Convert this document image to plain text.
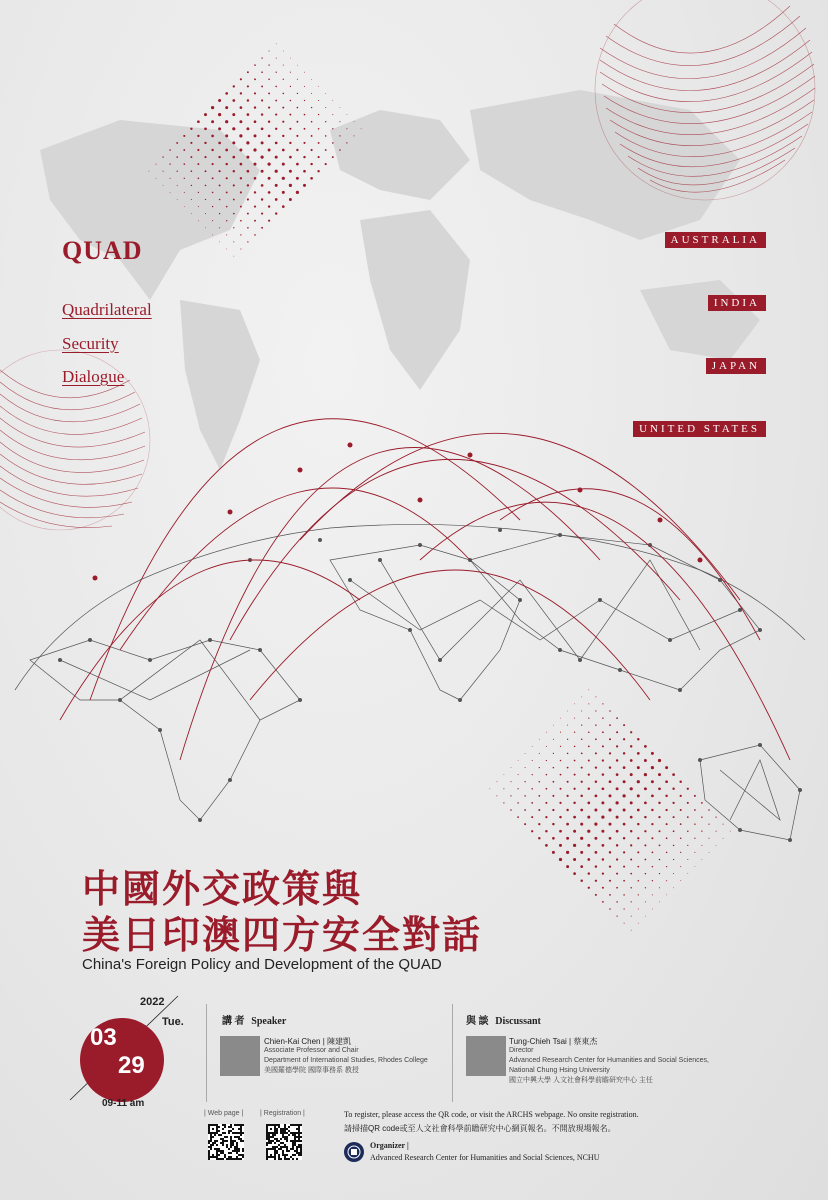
QUAD
Quadrilateral
Security
Dialogue
AUSTRALIA
INDIA
JAPAN
UNITED STATES
中國外交政策與
美日印澳四方安全對話
China's Foreign Policy and Development of the QUAD
2022
Tue.
03
29
09-11 am
講 者 Speaker
Chien-Kai Chen | 陳建凱
Associate Professor and Chair
Department of International Studies, Rhodes College
美國羅德學院 國際事務系 教授
與 談 Discussant
Tung-Chieh Tsai | 蔡東杰
Director
Advanced Research Center for Humanities and Social Sciences,
National Chung Hsing University
國立中興大學 人文社會科學前瞻研究中心 主任
| Web page | | Registration |	To register, please access the QR code, or visit the ARCHS webpage. No onsite registration.
請掃描QR code或至人文社會科學前瞻研究中心網頁報名。不開放現場報名。
Organizer |
Advanced Research Center for Humanities and Social Sciences, NCHU
